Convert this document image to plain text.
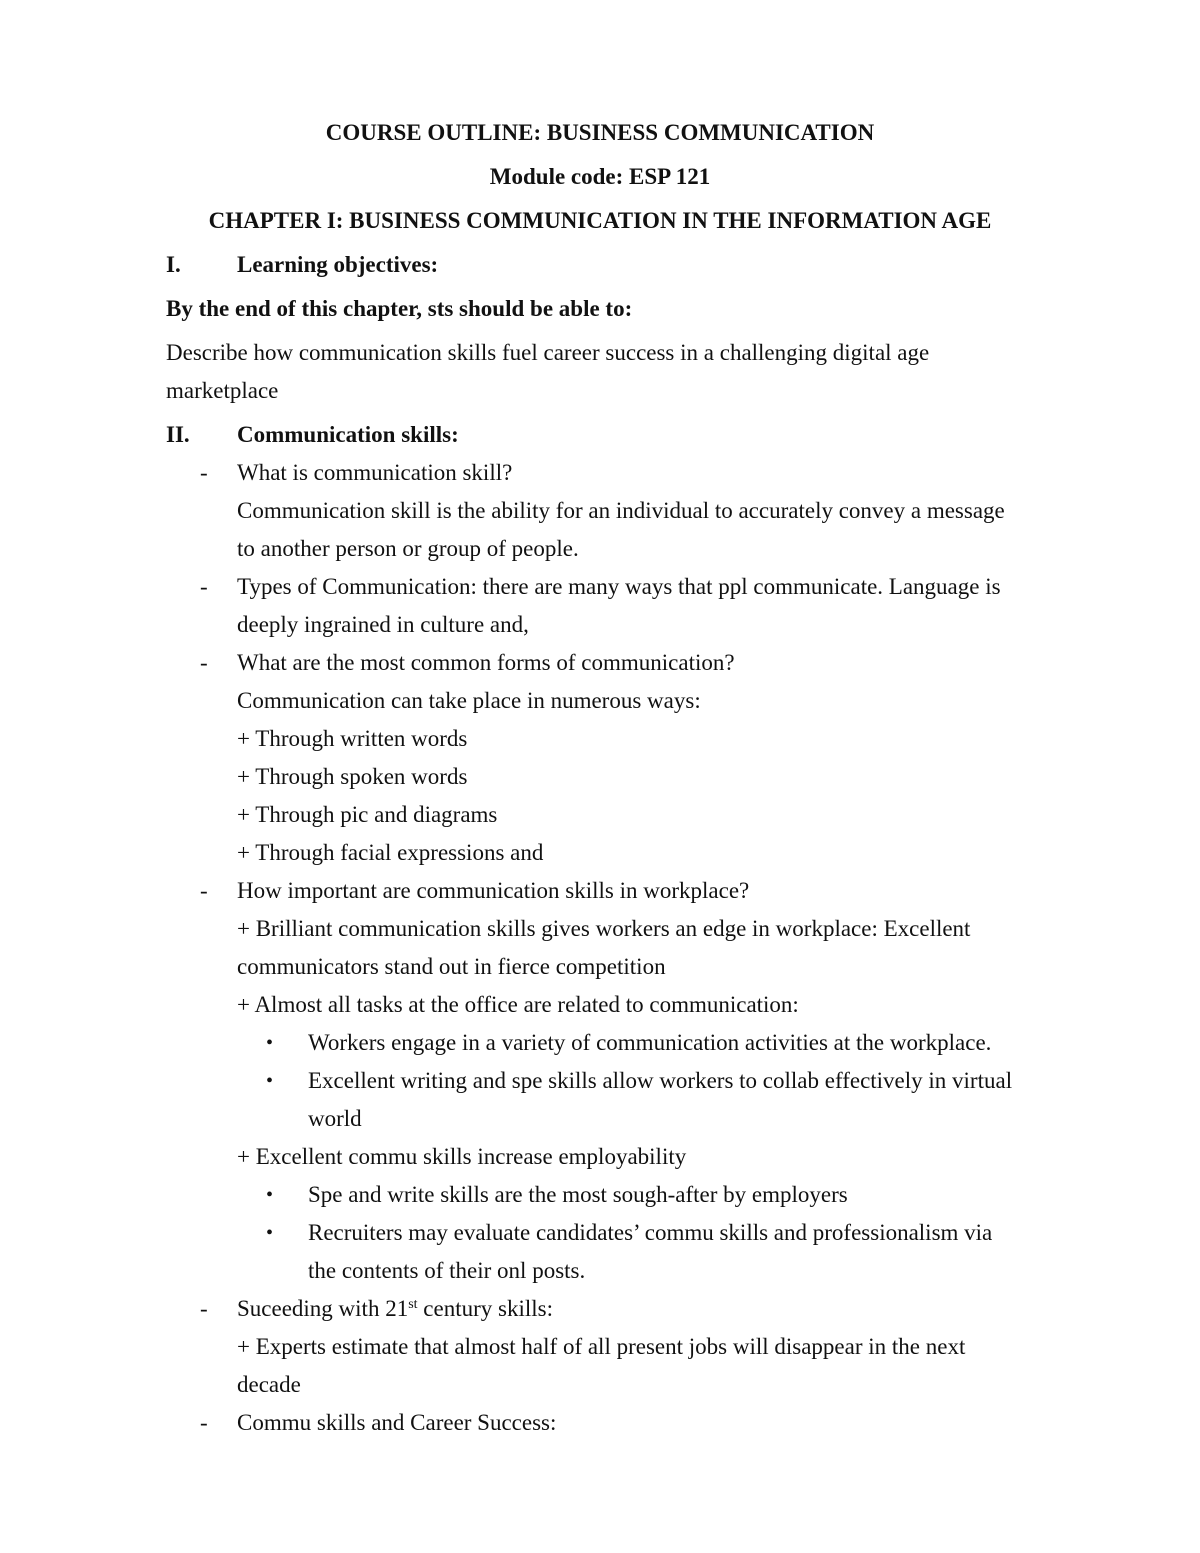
COURSE OUTLINE: BUSINESS COMMUNICATION
Module code: ESP 121
CHAPTER I: BUSINESS COMMUNICATION IN THE INFORMATION AGE
I. Learning objectives:
By the end of this chapter, sts should be able to:
Describe how communication skills fuel career success in a challenging digital age
marketplace
II. Communication skills:
- What is communication skill?
Communication skill is the ability for an individual to accurately convey a message
to another person or group of people.
- Types of Communication: there are many ways that ppl communicate. Language is
deeply ingrained in culture and,
- What are the most common forms of communication?
Communication can take place in numerous ways:
+ Through written words
+ Through spoken words
+ Through pic and diagrams
+ Through facial expressions and
- How important are communication skills in workplace?
+ Brilliant communication skills gives workers an edge in workplace: Excellent
communicators stand out in fierce competition
+ Almost all tasks at the office are related to communication:
• Workers engage in a variety of communication activities at the workplace.
• Excellent writing and spe skills allow workers to collab effectively in virtual
world
+ Excellent commu skills increase employability
• Spe and write skills are the most sough-after by employers
• Recruiters may evaluate candidates’ commu skills and professionalism via
the contents of their onl posts.
- Suceeding with 21st century skills:
+ Experts estimate that almost half of all present jobs will disappear in the next
decade
- Commu skills and Career Success:
